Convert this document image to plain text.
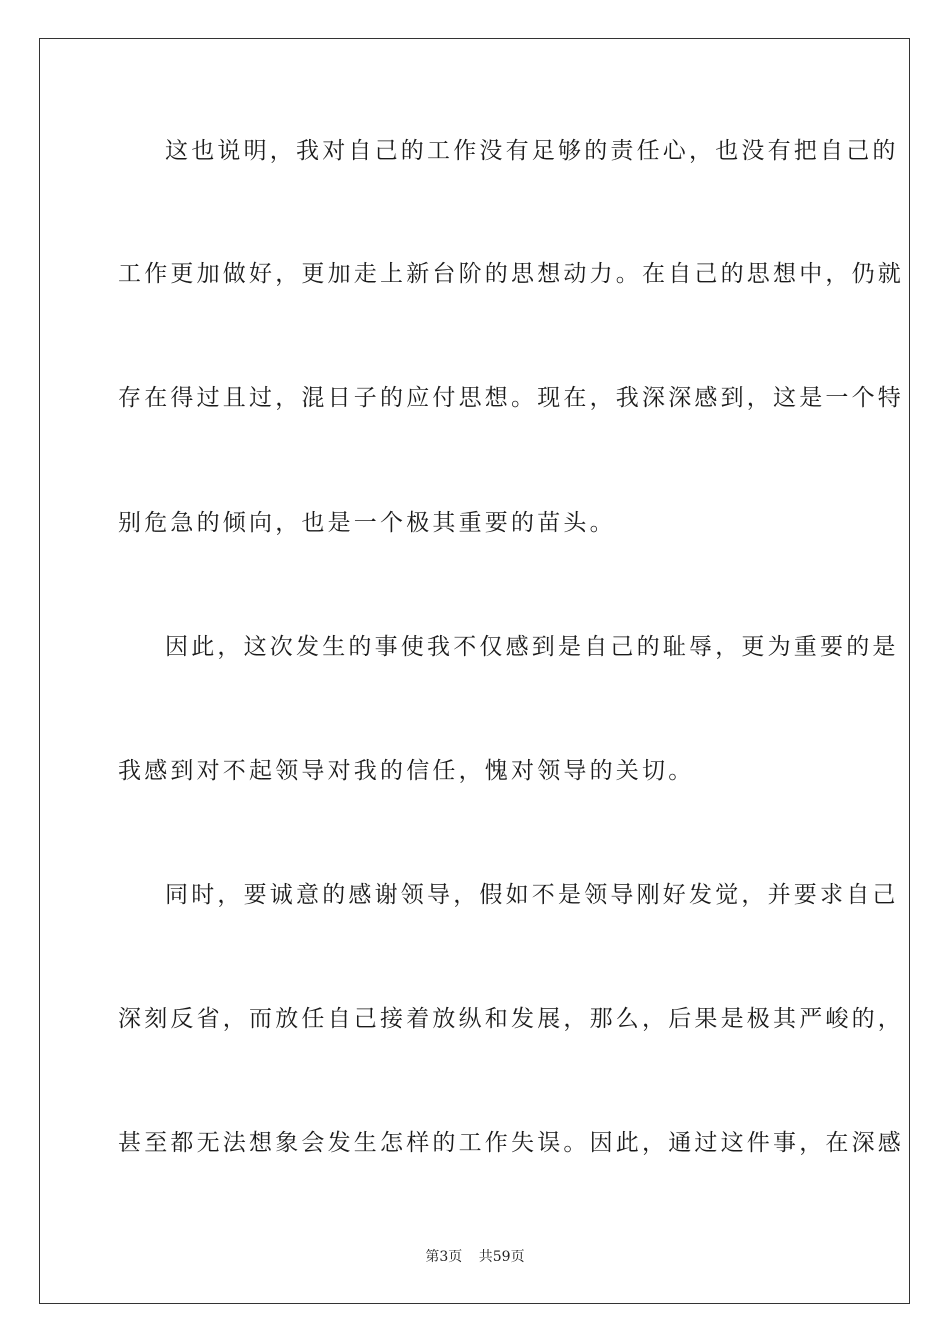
这也说明，我对自己的工作没有足够的责任心，也没有把自己的
工作更加做好，更加走上新台阶的思想动力。在自己的思想中，仍就
存在得过且过，混日子的应付思想。现在，我深深感到，这是一个特
别危急的倾向，也是一个极其重要的苗头。
因此，这次发生的事使我不仅感到是自己的耻辱，更为重要的是
我感到对不起领导对我的信任，愧对领导的关切。
同时，要诚意的感谢领导，假如不是领导刚好发觉，并要求自己
深刻反省，而放任自己接着放纵和发展，那么，后果是极其严峻的，
甚至都无法想象会发生怎样的工作失误。因此，通过这件事，在深感
第3页 共59页
